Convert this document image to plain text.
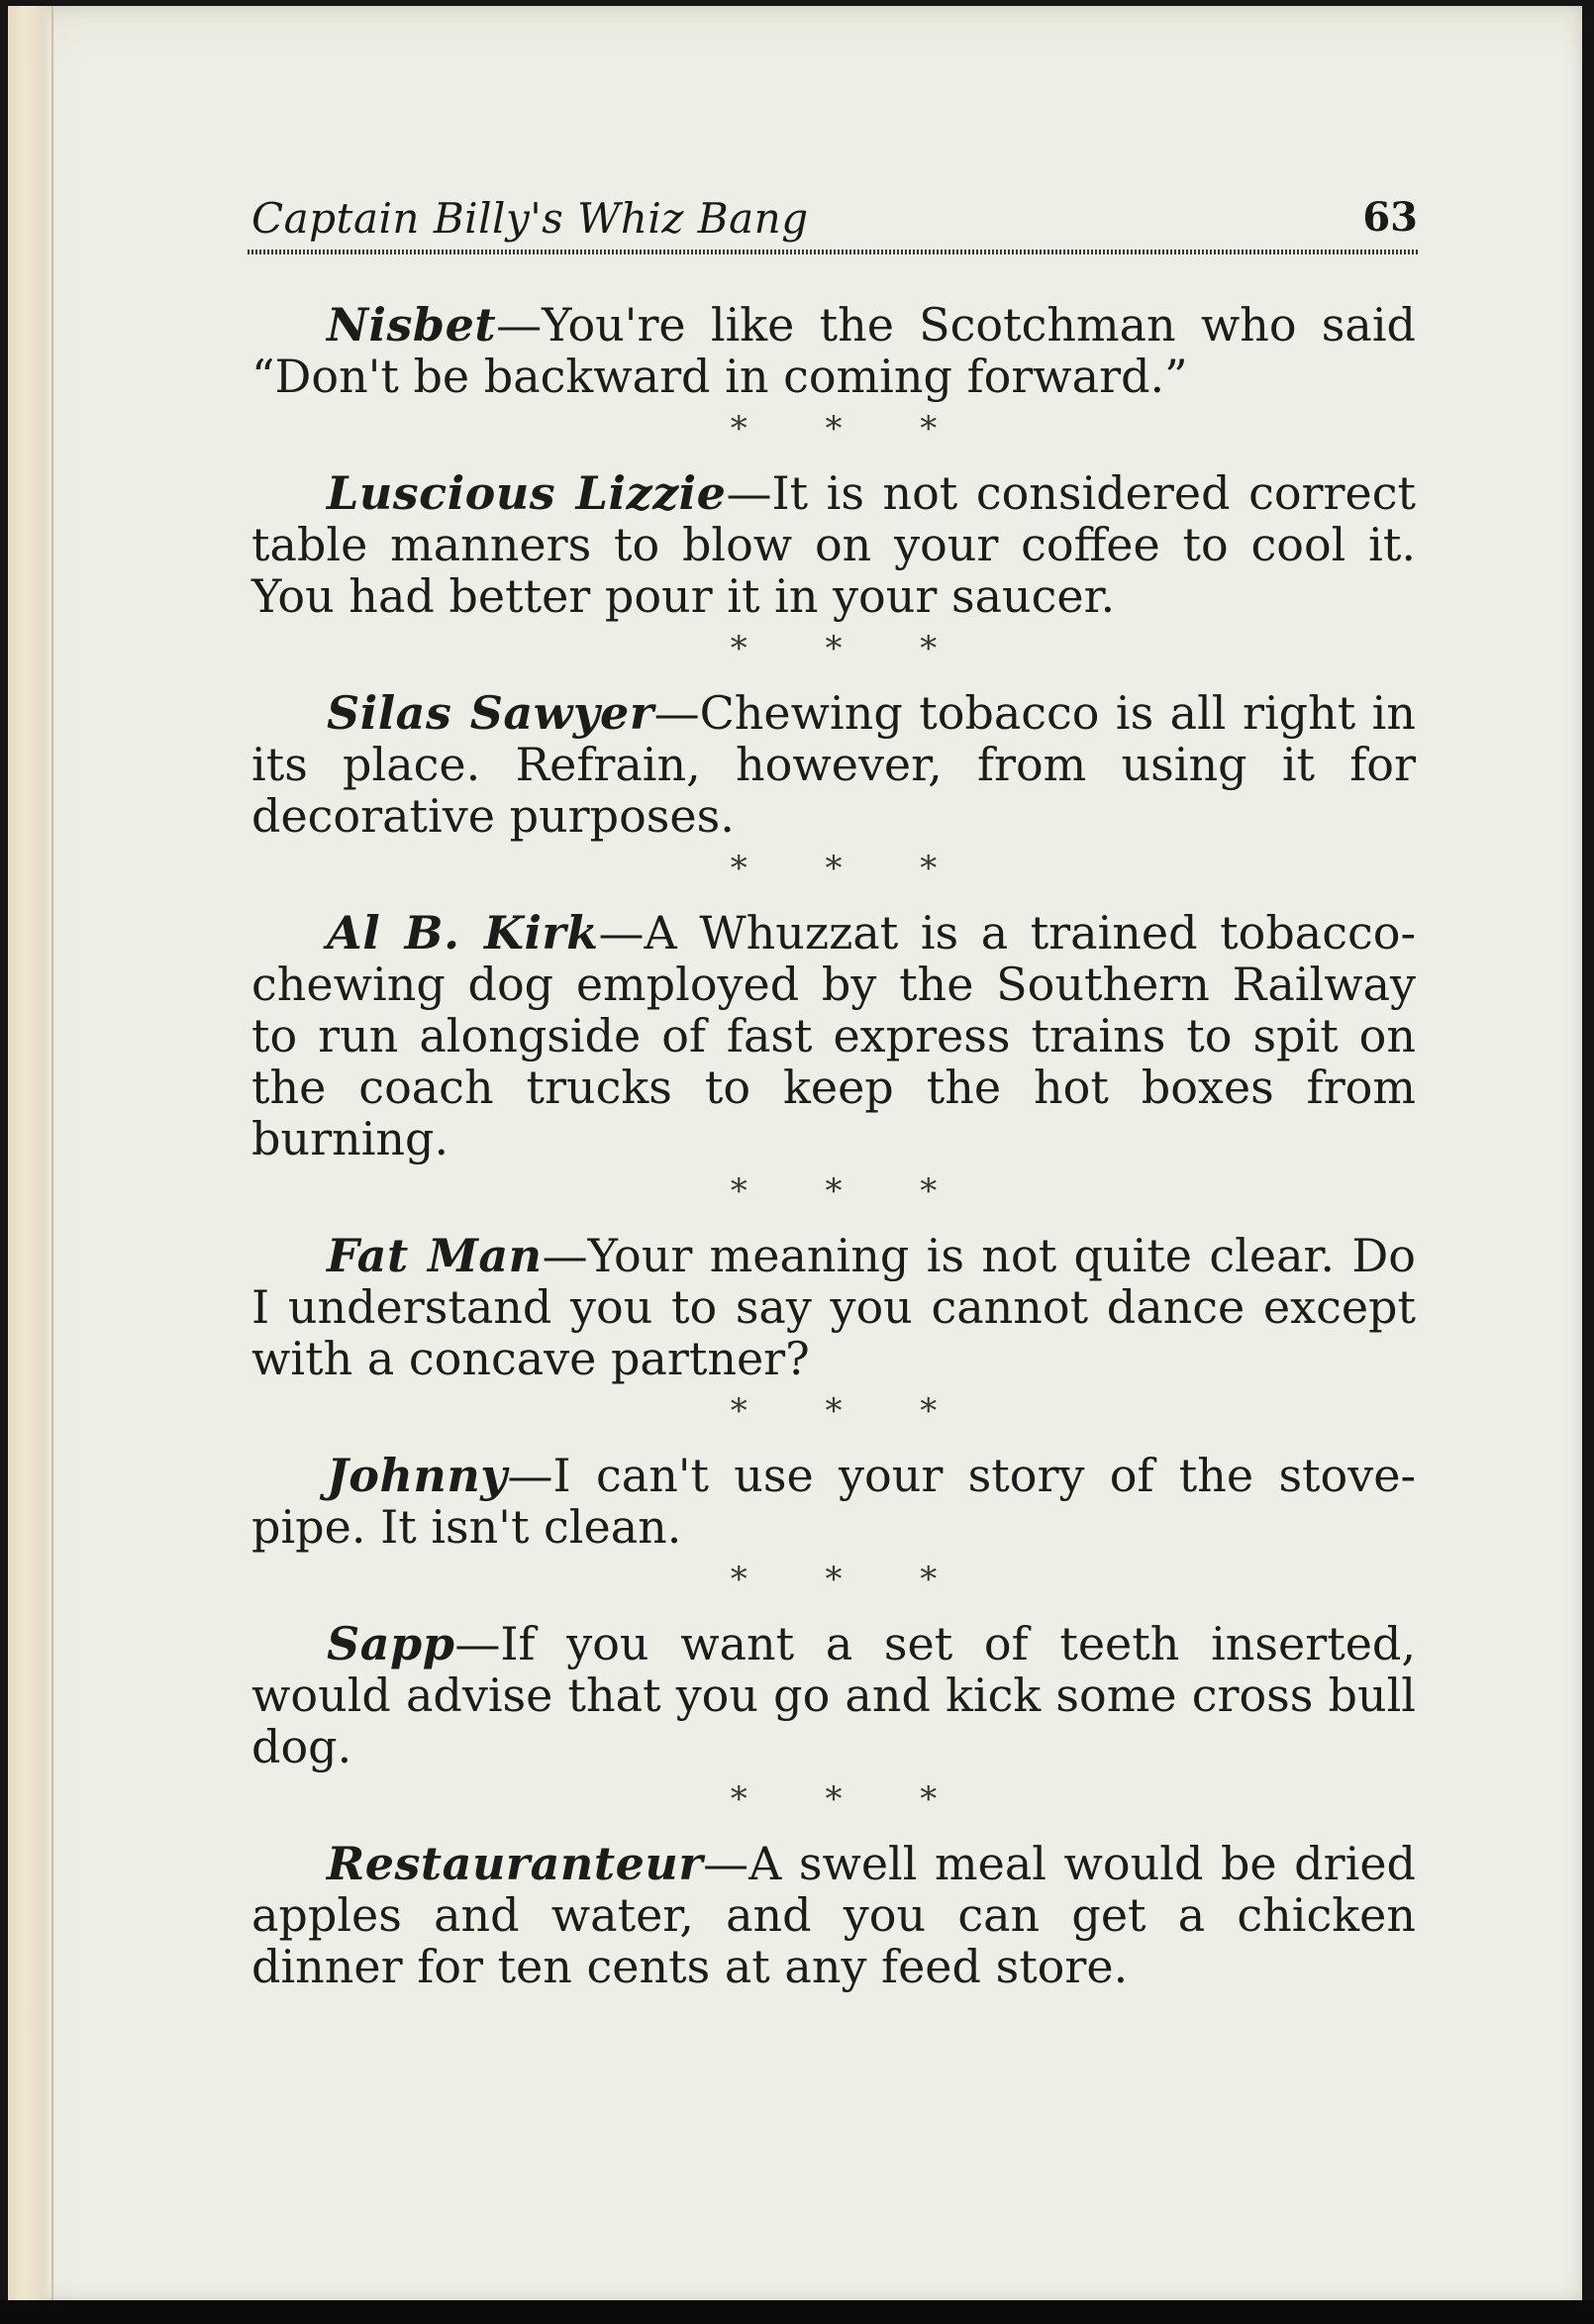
Captain Billy's Whiz Bang	63

Nisbet—You're like the Scotchman who said “Don't be backward in coming forward.”

* * *

Luscious Lizzie—It is not considered correct table manners to blow on your coffee to cool it. You had better pour it in your saucer.

* * *

Silas Sawyer—Chewing tobacco is all right in its place. Refrain, however, from using it for decorative purposes.

* * *

Al B. Kirk—A Whuzzat is a trained tobacco-chewing dog employed by the Southern Railway to run alongside of fast express trains to spit on the coach trucks to keep the hot boxes from burning.

* * *

Fat Man—Your meaning is not quite clear. Do I understand you to say you cannot dance except with a concave partner?

* * *

Johnny—I can't use your story of the stovepipe. It isn't clean.

* * *

Sapp—If you want a set of teeth inserted, would advise that you go and kick some cross bull dog.

* * *

Restauranteur—A swell meal would be dried apples and water, and you can get a chicken dinner for ten cents at any feed store.
